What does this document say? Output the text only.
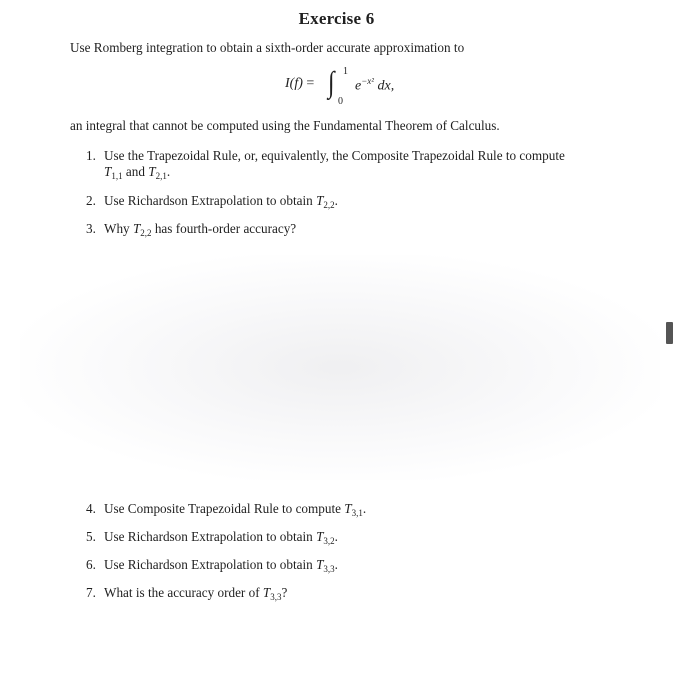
Exercise 6
Use Romberg integration to obtain a sixth-order accurate approximation to
I(f) = ∫ 1
0
$e^{-x^2}$ dx,
an integral that cannot be computed using the Fundamental Theorem of Calculus.
1. Use the Trapezoidal Rule, or, equivalently, the Composite Trapezoidal Rule to compute
$T_{1,1}$ and $T_{2,1}$.
2. Use Richardson Extrapolation to obtain $T_{2,2}$.
3. Why $T_{2,2}$ has fourth-order accuracy?
4. Use Composite Trapezoidal Rule to compute $T_{3,1}$.
5. Use Richardson Extrapolation to obtain $T_{3,2}$.
6. Use Richardson Extrapolation to obtain $T_{3,3}$.
7. What is the accuracy order of $T_{3,3}$?
